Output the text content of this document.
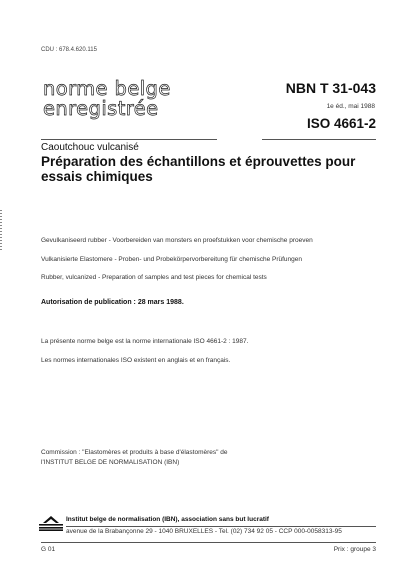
CDU : 678.4.620.115
norme belge
enregistrée
NBN T 31-043
1e éd., mai 1988
ISO 4661-2
Caoutchouc vulcanisé
Préparation des échantillons et éprouvettes pour essais chimiques
Gevulkaniseerd rubber - Voorbereiden van monsters en proefstukken voor chemische proeven
Vulkanisierte Elastomere - Proben- und Probekörpervorbereitung für chemische Prüfungen
Rubber, vulcanized - Preparation of samples and test pieces for chemical tests
Autorisation de publication : 28 mars 1988.
La présente norme belge est la norme internationale ISO 4661-2 : 1987.
Les normes internationales ISO existent en anglais et en français.
Commission : "Elastomères et produits à base d'élastomères" de
l'INSTITUT BELGE DE NORMALISATION (IBN)
Institut belge de normalisation (IBN), association sans but lucratif
avenue de la Brabançonne 29 - 1040 BRUXELLES - Tel. (02) 734 92 05 - CCP 000-0058313-95
G 01	Prix : groupe 3
